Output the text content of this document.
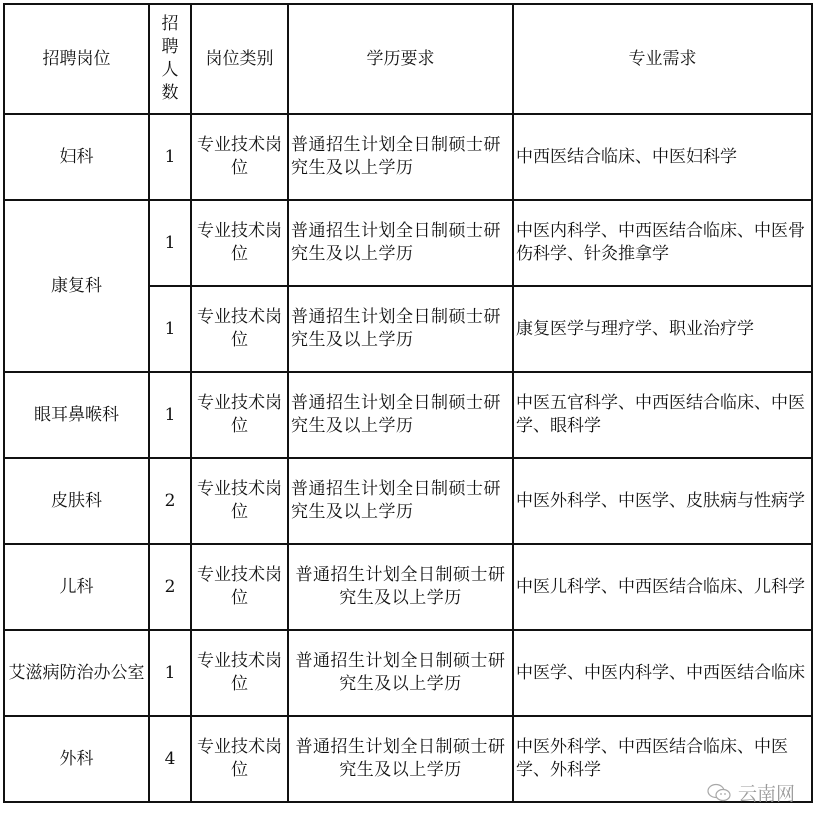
招聘岗位	招聘人数	岗位类别	学历要求	专业需求
妇科	1	专业技术岗位	普通招生计划全日制硕士研究生及以上学历	中西医结合临床、中医妇科学
康复科	1	专业技术岗位	普通招生计划全日制硕士研究生及以上学历	中医内科学、中西医结合临床、中医骨伤科学、针灸推拿学
	1	专业技术岗位	普通招生计划全日制硕士研究生及以上学历	康复医学与理疗学、职业治疗学
眼耳鼻喉科	1	专业技术岗位	普通招生计划全日制硕士研究生及以上学历	中医五官科学、中西医结合临床、中医学、眼科学
皮肤科	2	专业技术岗位	普通招生计划全日制硕士研究生及以上学历	中医外科学、中医学、皮肤病与性病学
儿科	2	专业技术岗位	普通招生计划全日制硕士研究生及以上学历	中医儿科学、中西医结合临床、儿科学
艾滋病防治办公室	1	专业技术岗位	普通招生计划全日制硕士研究生及以上学历	中医学、中医内科学、中西医结合临床
外科	4	专业技术岗位	普通招生计划全日制硕士研究生及以上学历	中医外科学、中西医结合临床、中医学、外科学
云南网
